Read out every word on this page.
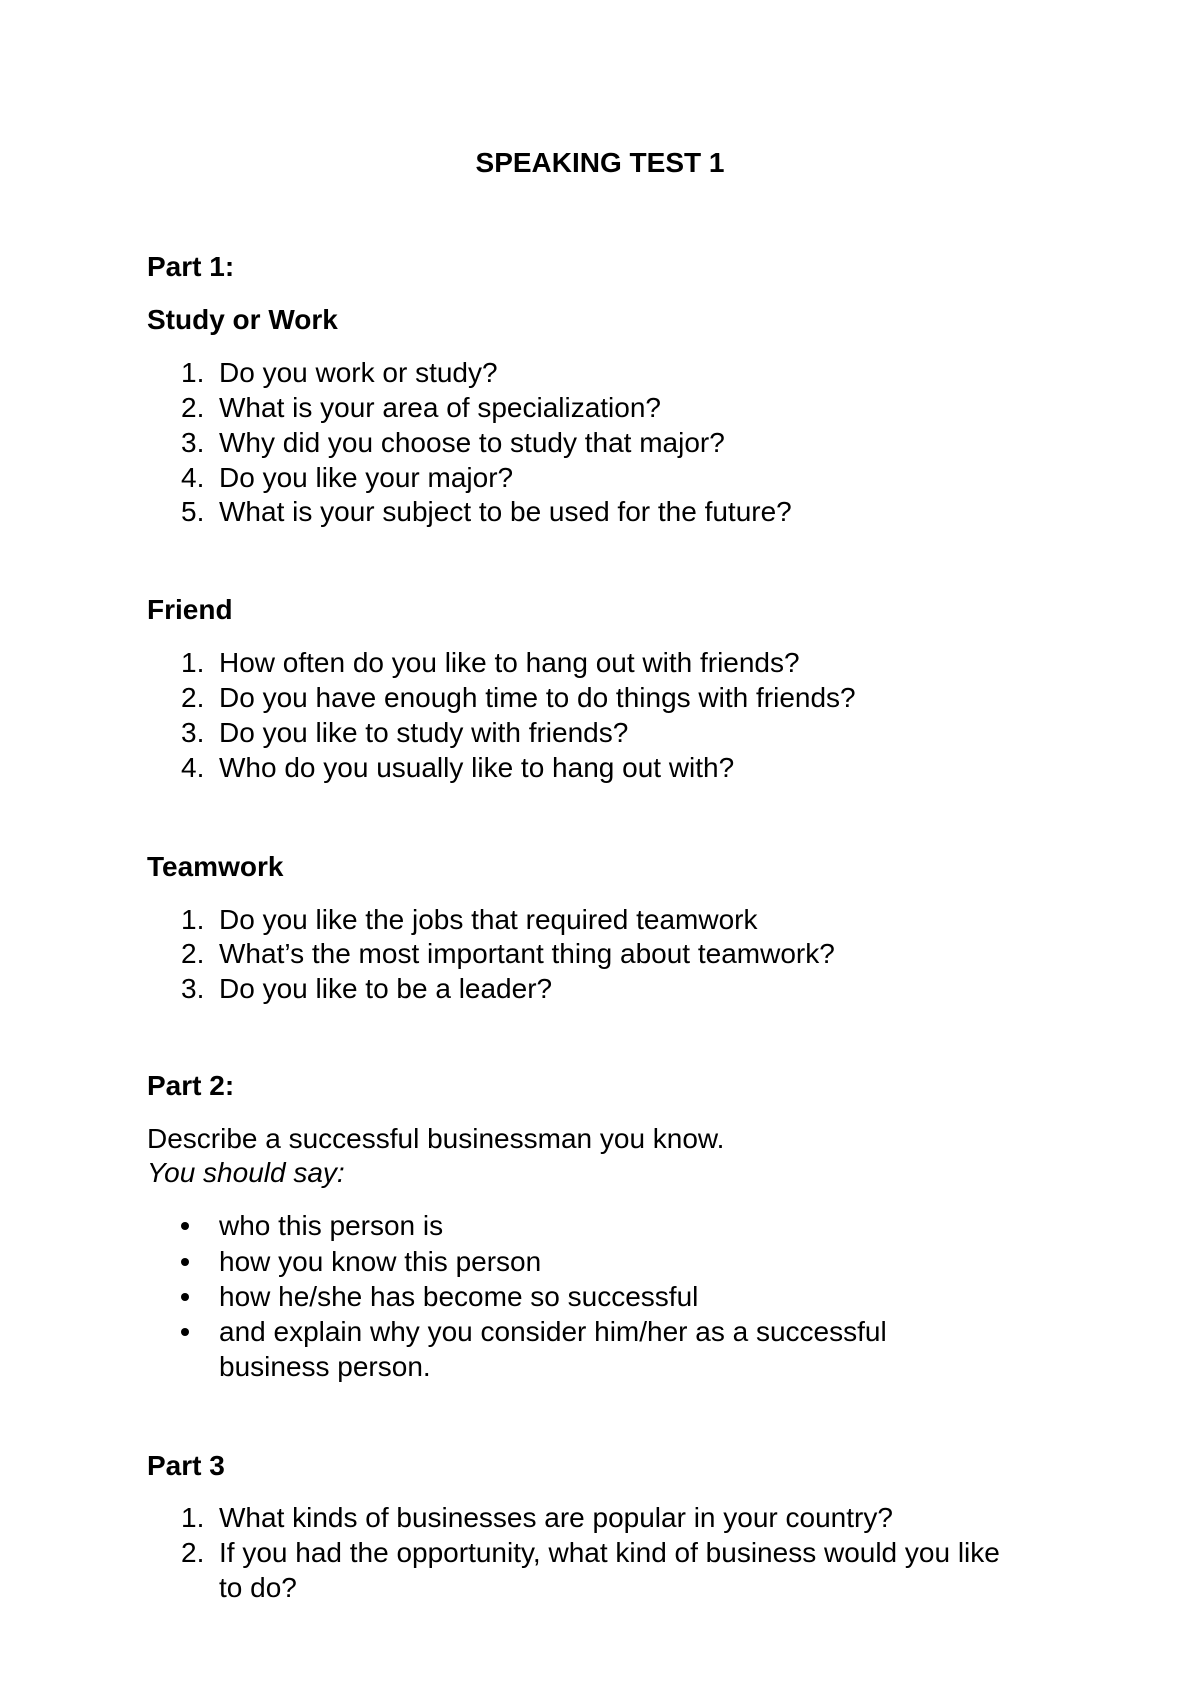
SPEAKING TEST 1
Part 1:
Study or Work
1. Do you work or study?
2. What is your area of specialization?
3. Why did you choose to study that major?
4. Do you like your major?
5. What is your subject to be used for the future?
Friend
1. How often do you like to hang out with friends?
2. Do you have enough time to do things with friends?
3. Do you like to study with friends?
4. Who do you usually like to hang out with?
Teamwork
1. Do you like the jobs that required teamwork
2. What’s the most important thing about teamwork?
3. Do you like to be a leader?
Part 2:

Describe a successful businessman you know.

You should say:

who this person is
how you know this person
how he/she has become so successful
and explain why you consider him/her as a successful business person.
Part 3
1. What kinds of businesses are popular in your country?
2. If you had the opportunity, what kind of business would you like to do?
